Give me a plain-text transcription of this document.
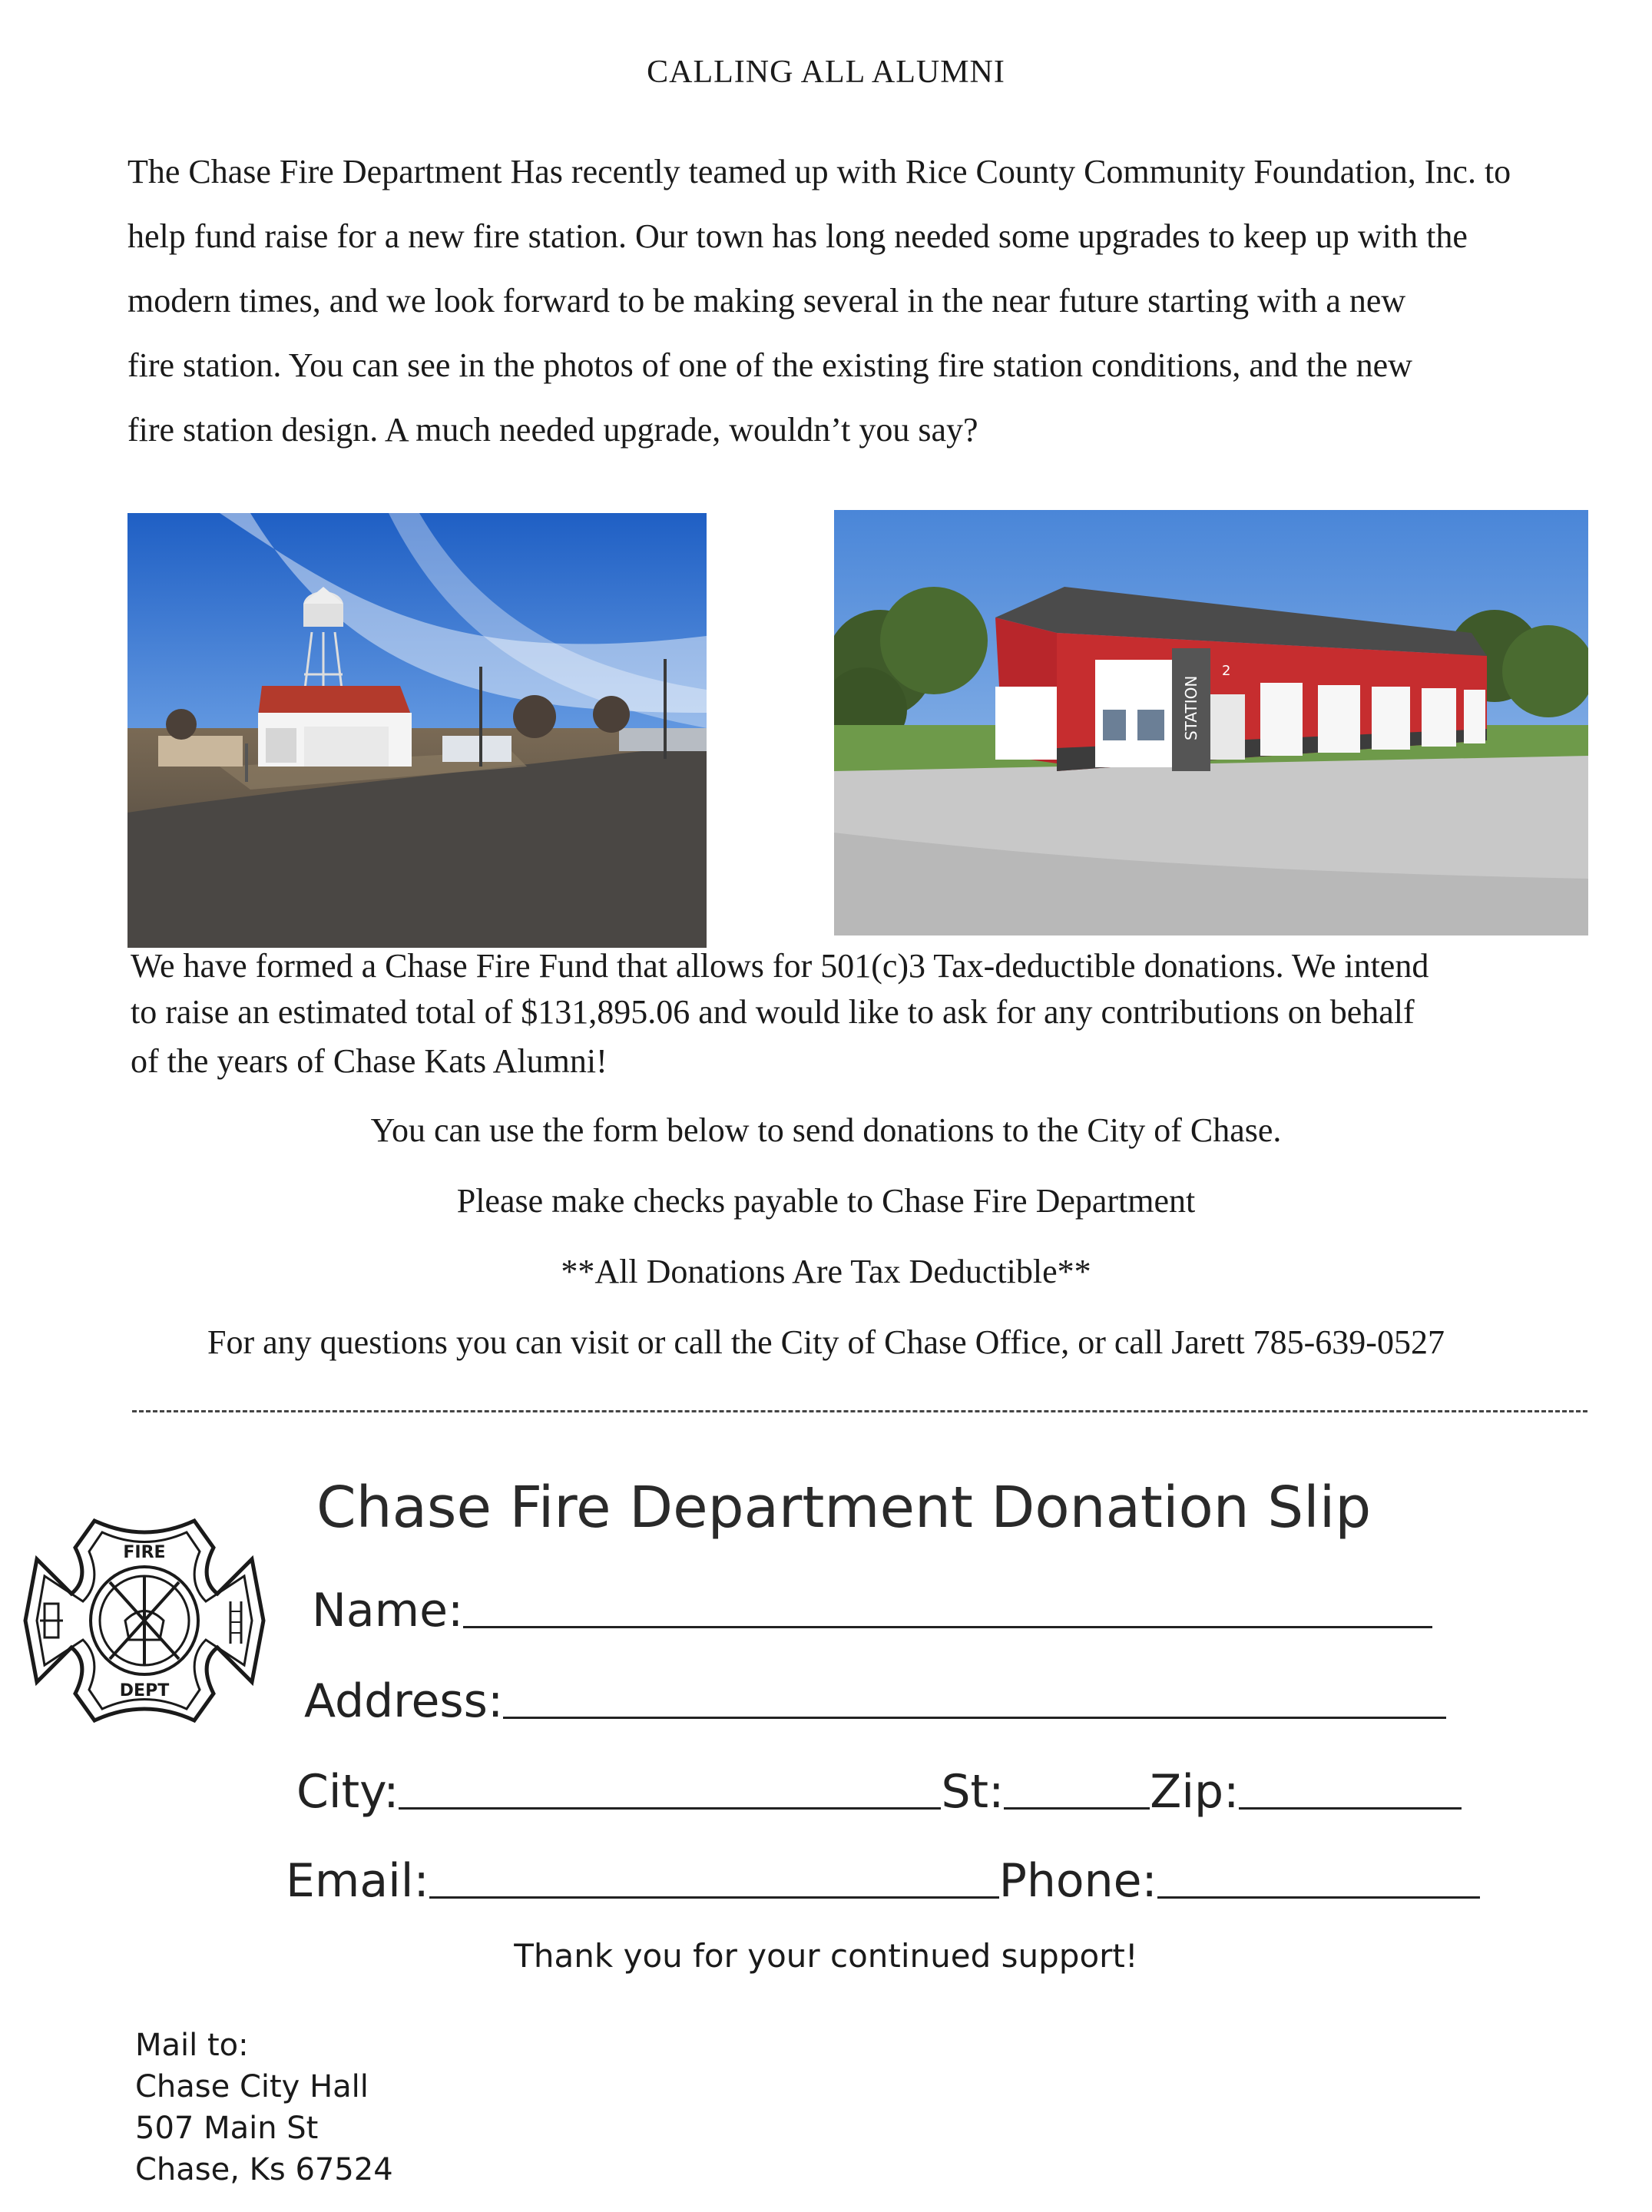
CALLING ALL ALUMNI
The Chase Fire Department Has recently teamed up with Rice County Community Foundation, Inc. to
help fund raise for a new fire station. Our town has long needed some upgrades to keep up with the
modern times, and we look forward to be making several in the near future starting with a new
fire station. You can see in the photos of one of the existing fire station conditions, and the new
fire station design. A much needed upgrade, wouldn’t you say?
STATION
2
We have formed a Chase Fire Fund that allows for 501(c)3 Tax-deductible donations. We intend
to raise an estimated total of $131,895.06 and would like to ask for any contributions on behalf
of the years of Chase Kats Alumni!
You can use the form below to send donations to the City of Chase.
Please make checks payable to Chase Fire Department
**All Donations Are Tax Deductible**
For any questions you can visit or call the City of Chase Office, or call Jarett 785-639-0527
FIRE
DEPT
Chase Fire Department Donation Slip
Name:
Address:
City:	St:	Zip:
Email:	Phone:
Thank you for your continued support!
Mail to:
Chase City Hall
507 Main St
Chase, Ks 67524
